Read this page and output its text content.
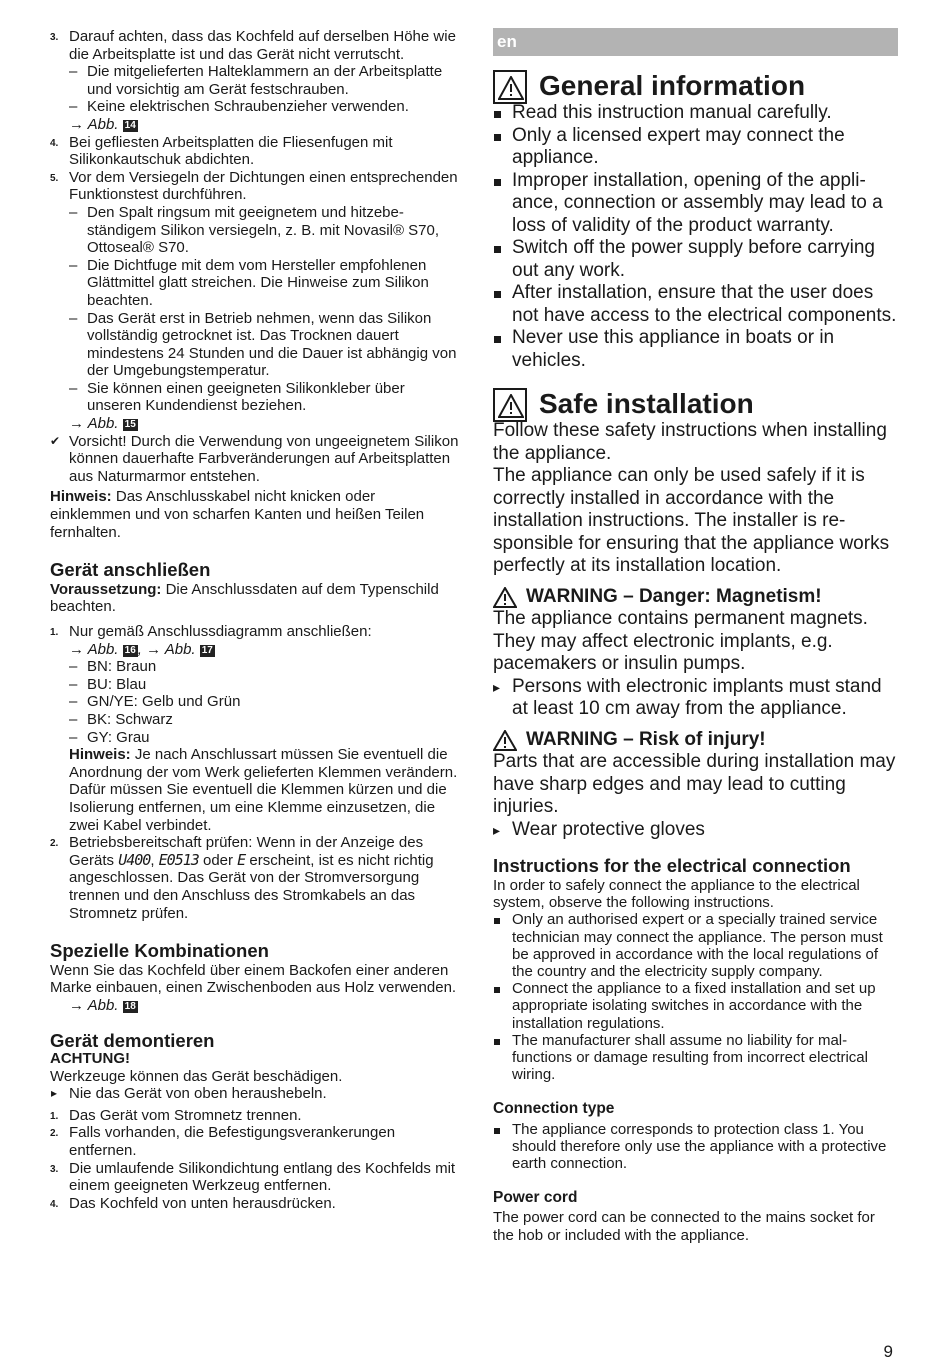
3. Darauf achten, dass das Kochfeld auf derselben Höhe wie die Arbeitsplatte ist und das Gerät nicht verrutscht.
– Die mitgelieferten Halteklammern an der Arbeitsplatte und vorsichtig am Gerät festschrauben.
– Keine elektrischen Schraubenzieher verwenden.
→ Abb. 14
4. Bei gefliesten Arbeitsplatten die Fliesenfugen mit Silikonkautschuk abdichten.
5. Vor dem Versiegeln der Dichtungen einen entsprechenden Funktionstest durchführen.
– Den Spalt ringsum mit geeignetem und hitzebeständigem Silikon versiegeln, z. B. mit Novasil® S70, Ottoseal® S70.
– Die Dichtfuge mit dem vom Hersteller empfohlenen Glättmittel glatt streichen. Die Hinweise zum Silikon beachten.
– Das Gerät erst in Betrieb nehmen, wenn das Silikon vollständig getrocknet ist. Das Trocknen dauert mindestens 24 Stunden und die Dauer ist abhängig von der Umgebungstemperatur.
– Sie können einen geeigneten Silikonkleber über unseren Kundendienst beziehen.
→ Abb. 15
✔ Vorsicht! Durch die Verwendung von ungeeignetem Silikon können dauerhafte Farbveränderungen auf Arbeitsplatten aus Naturmarmor entstehen.

Hinweis: Das Anschlusskabel nicht knicken oder einklemmen und von scharfen Kanten und heißen Teilen fernhalten.

Gerät anschließen

Voraussetzung: Die Anschlussdaten auf dem Typenschild beachten.

1. Nur gemäß Anschlussdiagramm anschließen:
→ Abb. 16 , → Abb. 17
– BN: Braun
– BU: Blau
– GN/YE: Gelb und Grün
– BK: Schwarz
– GY: Grau

Hinweis: Je nach Anschlussart müssen Sie eventuell die Anordnung der vom Werk gelieferten Klemmen verändern. Dafür müssen Sie eventuell die Klemmen kürzen und die Isolierung entfernen, um eine Klemme einzusetzen, die zwei Kabel verbindet.

2. Betriebsbereitschaft prüfen: Wenn in der Anzeige des Geräts U400, E0513 oder E erscheint, ist es nicht richtig angeschlossen. Das Gerät von der Stromversorgung trennen und den Anschluss des Stromkabels an das Stromnetz prüfen.
Spezielle Kombinationen

Wenn Sie das Kochfeld über einem Backofen einer anderen Marke einbauen, einen Zwischenboden aus Holz verwenden.

→ Abb. 18
Gerät demontieren

ACHTUNG!

Werkzeuge können das Gerät beschädigen.

▸ Nie das Gerät von oben heraushebeln.
1. Das Gerät vom Stromnetz trennen.
2. Falls vorhanden, die Befestigungsverankerungen entfernen.
3. Die umlaufende Silikondichtung entlang des Kochfelds mit einem geeigneten Werkzeug entfernen.
4. Das Kochfeld von unten herausdrücken.
en
General information
Read this instruction manual carefully.
Only a licensed expert may connect the appliance.
Improper installation, opening of the appliance, connection or assembly may lead to a loss of validity of the product warranty.
Switch off the power supply before carrying out any work.
After installation, ensure that the user does not have access to the electrical components.
Never use this appliance in boats or in vehicles.
Safe installation

Follow these safety instructions when installing the appliance.

The appliance can only be used safely if it is correctly installed in accordance with the installation instructions. The installer is responsible for ensuring that the appliance works perfectly at its installation location.

WARNING – Danger: Magnetism!

The appliance contains permanent magnets. They may affect electronic implants, e.g. pacemakers or insulin pumps.

▸ Persons with electronic implants must stand at least 10 cm away from the appliance.
WARNING – Risk of injury!

Parts that are accessible during installation may have sharp edges and may lead to cutting injuries.

▸ Wear protective gloves
Instructions for the electrical connection

In order to safely connect the appliance to the electrical system, observe the following instructions.

Only an authorised expert or a specially trained service technician may connect the appliance. The person must be approved in accordance with the local regulations of the country and the electricity supply company.
Connect the appliance to a fixed installation and set up appropriate isolating switches in accordance with the installation regulations.
The manufacturer shall assume no liability for malfunctions or damage resulting from incorrect electrical wiring.

Connection type

The appliance corresponds to protection class 1. You should therefore only use the appliance with a protective earth connection.

Power cord

The power cord can be connected to the mains socket for the hob or included with the appliance.

9
